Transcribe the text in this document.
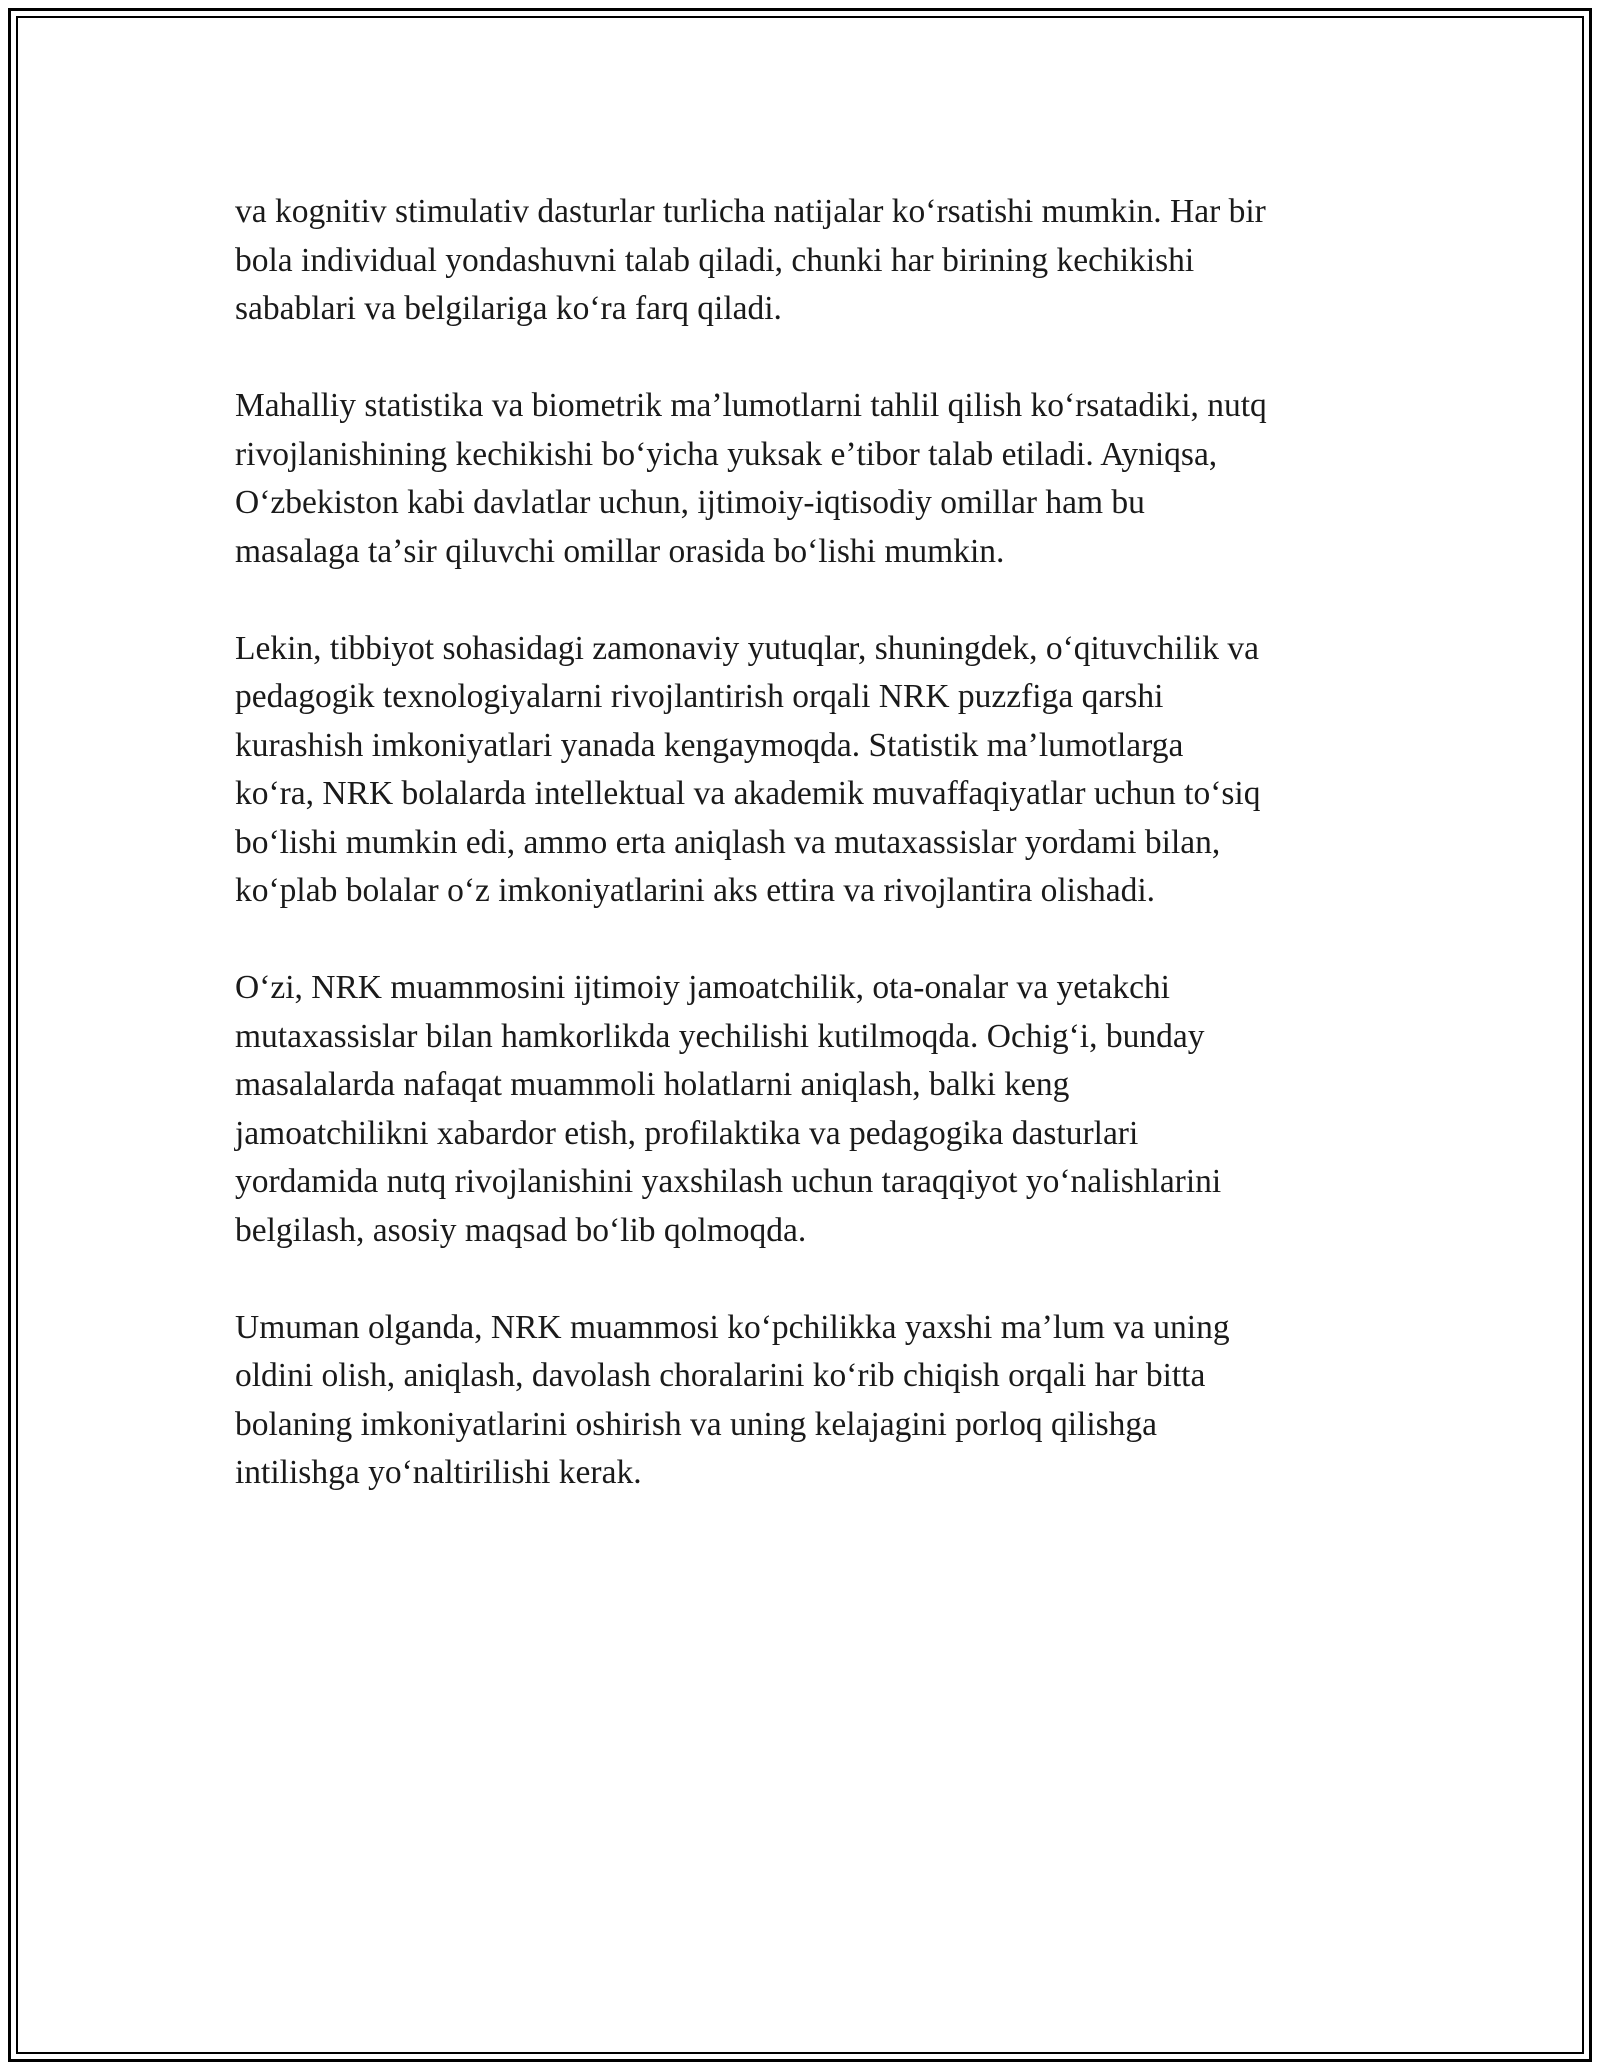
va kognitiv stimulativ dasturlar turlicha natijalar koʻrsatishi mumkin. Har bir
bola individual yondashuvni talab qiladi, chunki har birining kechikishi
sabablari va belgilariga koʻra farq qiladi.

Mahalliy statistika va biometrik maʼlumotlarni tahlil qilish koʻrsatadiki, nutq
rivojlanishining kechikishi boʻyicha yuksak eʼtibor talab etiladi. Ayniqsa,
Oʻzbekiston kabi davlatlar uchun, ijtimoiy-iqtisodiy omillar ham bu
masalaga taʼsir qiluvchi omillar orasida boʻlishi mumkin.

Lekin, tibbiyot sohasidagi zamonaviy yutuqlar, shuningdek, oʻqituvchilik va
pedagogik texnologiyalarni rivojlantirish orqali NRK puzzfiga qarshi
kurashish imkoniyatlari yanada kengaymoqda. Statistik maʼlumotlarga
koʻra, NRK bolalarda intellektual va akademik muvaffaqiyatlar uchun toʻsiq
boʻlishi mumkin edi, ammo erta aniqlash va mutaxassislar yordami bilan,
koʻplab bolalar oʻz imkoniyatlarini aks ettira va rivojlantira olishadi.

Oʻzi, NRK muammosini ijtimoiy jamoatchilik, ota-onalar va yetakchi
mutaxassislar bilan hamkorlikda yechilishi kutilmoqda. Ochigʻi, bunday
masalalarda nafaqat muammoli holatlarni aniqlash, balki keng
jamoatchilikni xabardor etish, profilaktika va pedagogika dasturlari
yordamida nutq rivojlanishini yaxshilash uchun taraqqiyot yoʻnalishlarini
belgilash, asosiy maqsad boʻlib qolmoqda.

Umuman olganda, NRK muammosi koʻpchilikka yaxshi maʼlum va uning
oldini olish, aniqlash, davolash choralarini koʻrib chiqish orqali har bitta
bolaning imkoniyatlarini oshirish va uning kelajagini porloq qilishga
intilishga yoʻnaltirilishi kerak.
